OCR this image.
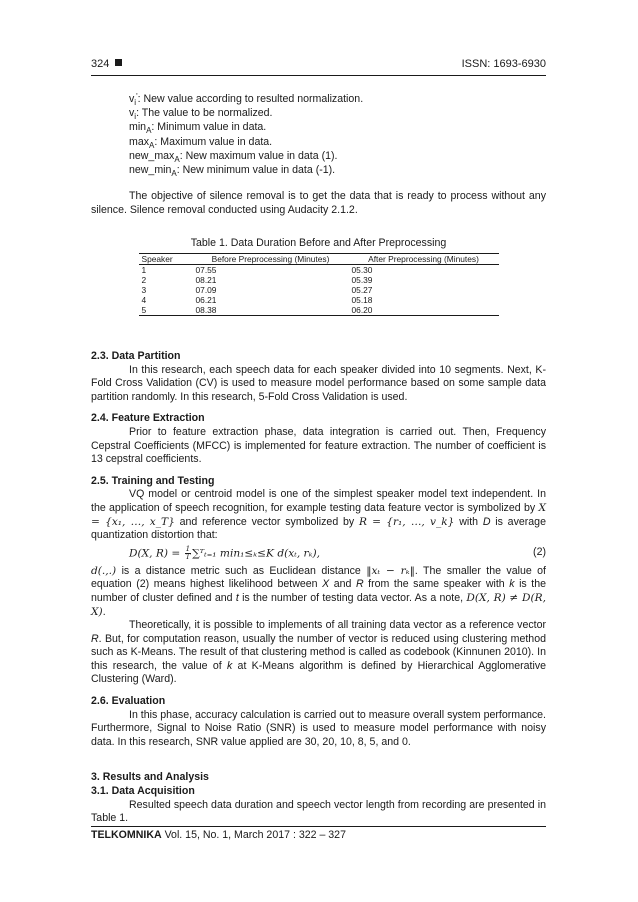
324	ISSN: 1693-6930
$v_i'$: New value according to resulted normalization.
$v_i$: The value to be normalized.
$\min_A$: Minimum value in data.
$\max_A$: Maximum value in data.
$new\_\max_A$: New maximum value in data (1).
$new\_\min_A$: New minimum value in data (-1).

The objective of silence removal is to get the data that is ready to process without any silence. Silence removal conducted using Audacity 2.1.2.

Table 1. Data Duration Before and After Preprocessing
Speaker	Before Preprocessing (Minutes)	After Preprocessing (Minutes)
1	07.55	05.30
2	08.21	05.39
3	07.09	05.27
4	06.21	05.18
5	08.38	06.20
2.3. Data Partition

In this research, each speech data for each speaker divided into 10 segments. Next, K-Fold Cross Validation (CV) is used to measure model performance based on some sample data partition randomly. In this research, 5-Fold Cross Validation is used.

2.4. Feature Extraction

Prior to feature extraction phase, data integration is carried out. Then, Frequency Cepstral Coefficients (MFCC) is implemented for feature extraction. The number of coefficient is 13 cepstral coefficients.

2.5. Training and Testing

VQ model or centroid model is one of the simplest speaker model text independent. In the application of speech recognition, for example testing data feature vector is symbolized by X = {x₁, …, x_T} and reference vector symbolized by R = {r₁, …, v_k} with D is average quantization distortion that:

D(X, $R) = \frac{1}{T}$ ∑ᵀₜ₌₁ min₁≤ₖ≤K d(xₜ, rₖ),	(2)

d(.,.) is a distance metric such as Euclidean distance ‖xₜ − rₖ‖. The smaller the value of equation (2) means highest likelihood between X and R from the same speaker with k is the number of cluster defined and t is the number of testing data vector. As a note, D(X, R) ≠ D(R, X).

Theoretically, it is possible to implements of all training data vector as a reference vector R. But, for computation reason, usually the number of vector is reduced using clustering method such as K-Means. The result of that clustering method is called as codebook (Kinnunen 2010). In this research, the value of k at K-Means algorithm is defined by Hierarchical Agglomerative Clustering (Ward).

2.6. Evaluation

In this phase, accuracy calculation is carried out to measure overall system performance. Furthermore, Signal to Noise Ratio (SNR) is used to measure model performance with noisy data. In this research, SNR value applied are 30, 20, 10, 8, 5, and 0.

3. Results and Analysis
3.1. Data Acquisition

Resulted speech data duration and speech vector length from recording are presented in Table 1.

TELKOMNIKA Vol. 15, No. 1, March 2017 : 322 – 327
